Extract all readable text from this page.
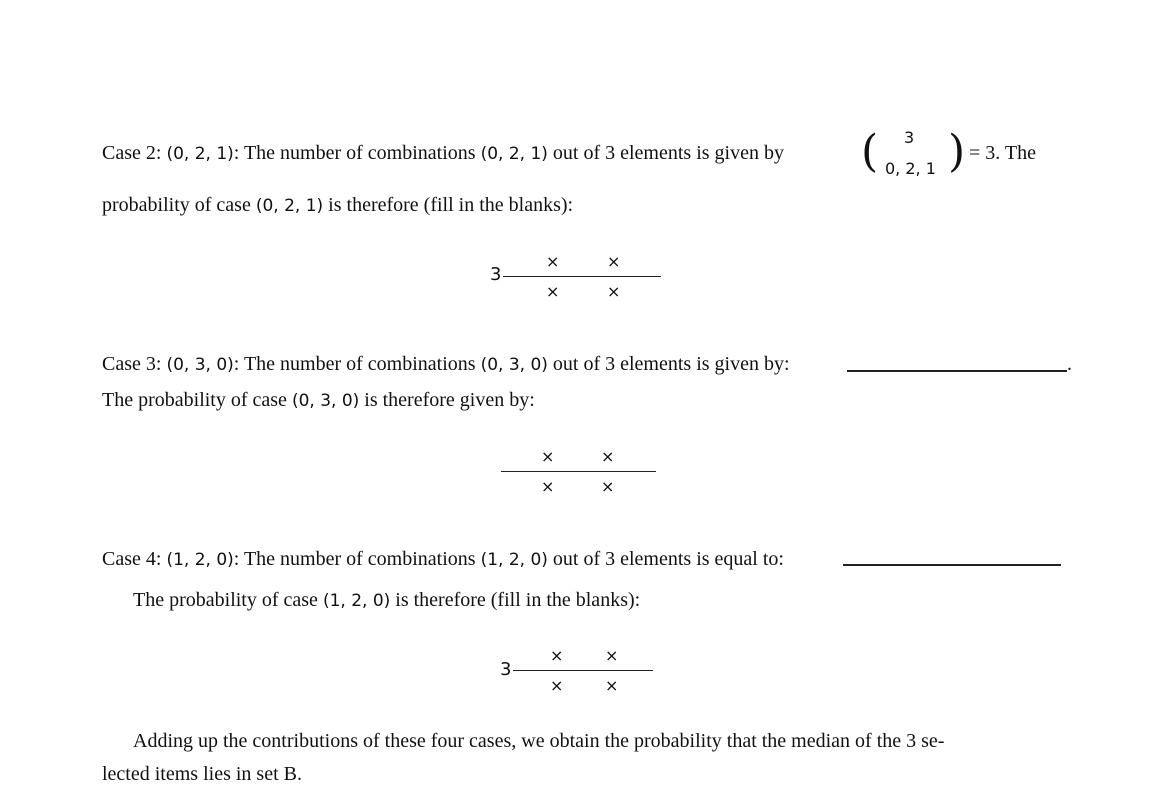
Case 2: (0, 2, 1): The number of combinations (0, 2, 1) out of 3 elements is given by ( 3
0, 2, 1 ) = 3. The
probability of case (0, 2, 1) is therefore (fill in the blanks):
3
×	×
×	×
Case 3: (0, 3, 0): The number of combinations (0, 3, 0) out of 3 elements is given by:	.
The probability of case (0, 3, 0) is therefore given by:
×	×
×	×
Case 4: (1, 2, 0): The number of combinations (1, 2, 0) out of 3 elements is equal to:
The probability of case (1, 2, 0) is therefore (fill in the blanks):
3
×	×
×	×
Adding up the contributions of these four cases, we obtain the probability that the median of the 3 se-
lected items lies in set B.
